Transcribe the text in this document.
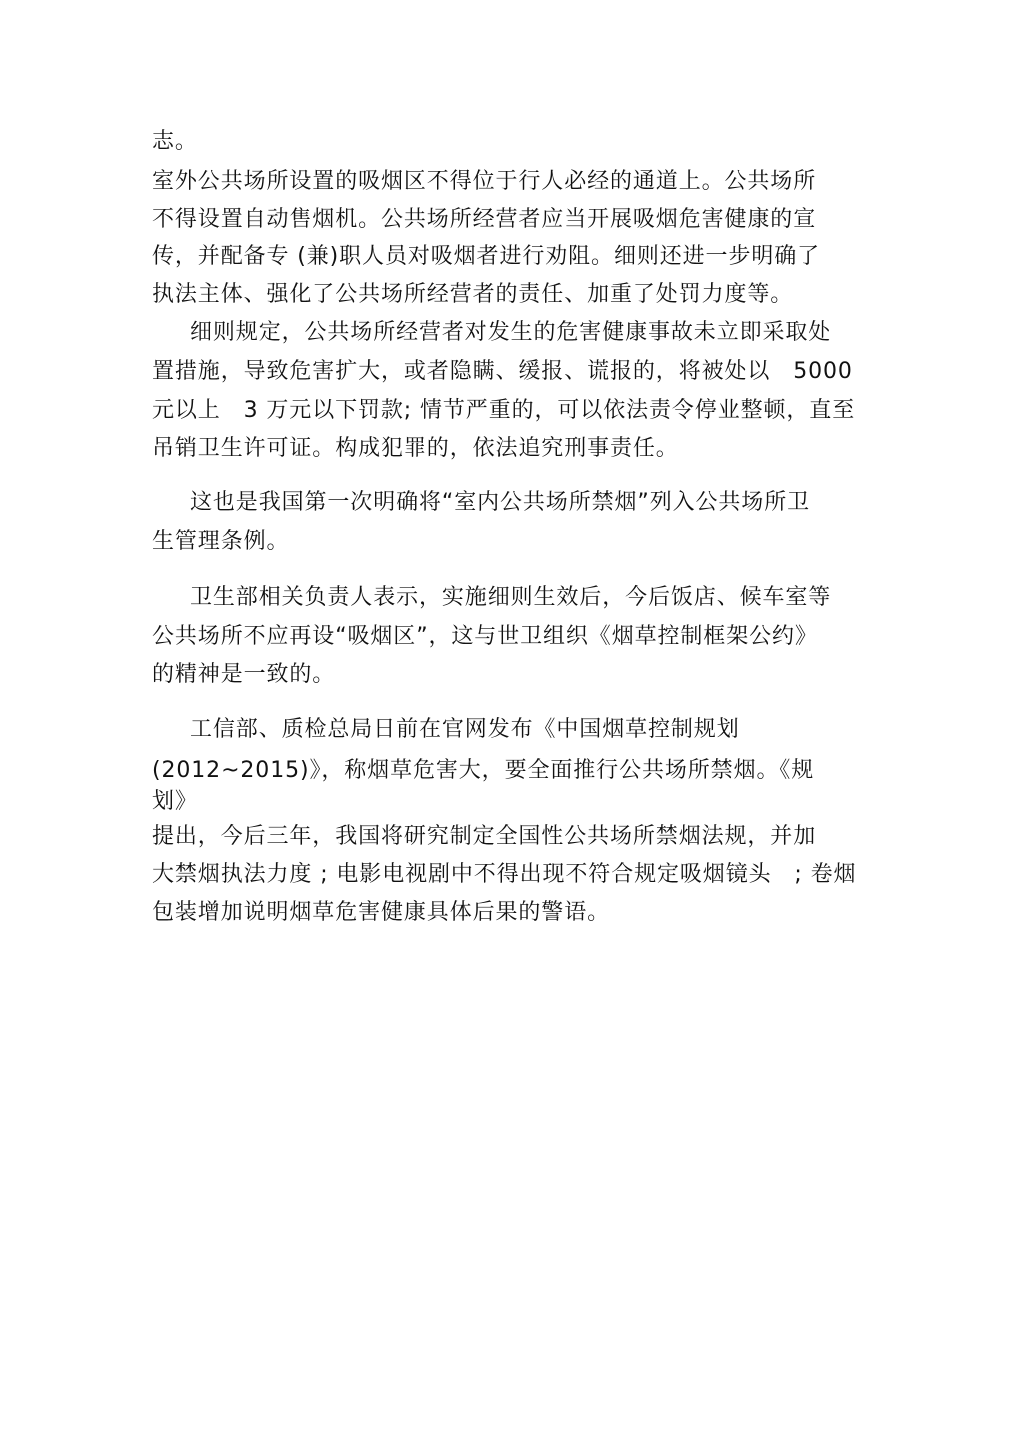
志。

室外公共场所设置的吸烟区不得位于行人必经的通道上。公共场所

不得设置自动售烟机。公共场所经营者应当开展吸烟危害健康的宣

传，并配备专 (兼)职人员对吸烟者进行劝阻。细则还进一步明确了

执法主体、强化了公共场所经营者的责任、加重了处罚力度等。

细则规定，公共场所经营者对发生的危害健康事故未立即采取处

置措施，导致危害扩大，或者隐瞒、缓报、谎报的，将被处以　5000

元以上　3 万元以下罚款; 情节严重的，可以依法责令停业整顿，直至

吊销卫生许可证。构成犯罪的，依法追究刑事责任。

这也是我国第一次明确将“室内公共场所禁烟”列入公共场所卫

生管理条例。

卫生部相关负责人表示，实施细则生效后，今后饭店、候车室等

公共场所不应再设“吸烟区”，这与世卫组织《烟草控制框架公约》

的精神是一致的。

工信部、质检总局日前在官网发布《中国烟草控制规划

(2012~2015)》，称烟草危害大，要全面推行公共场所禁烟。《规

划》

提出，今后三年，我国将研究制定全国性公共场所禁烟法规，并加

大禁烟执法力度 ; 电影电视剧中不得出现不符合规定吸烟镜头　; 卷烟

包装增加说明烟草危害健康具体后果的警语。
